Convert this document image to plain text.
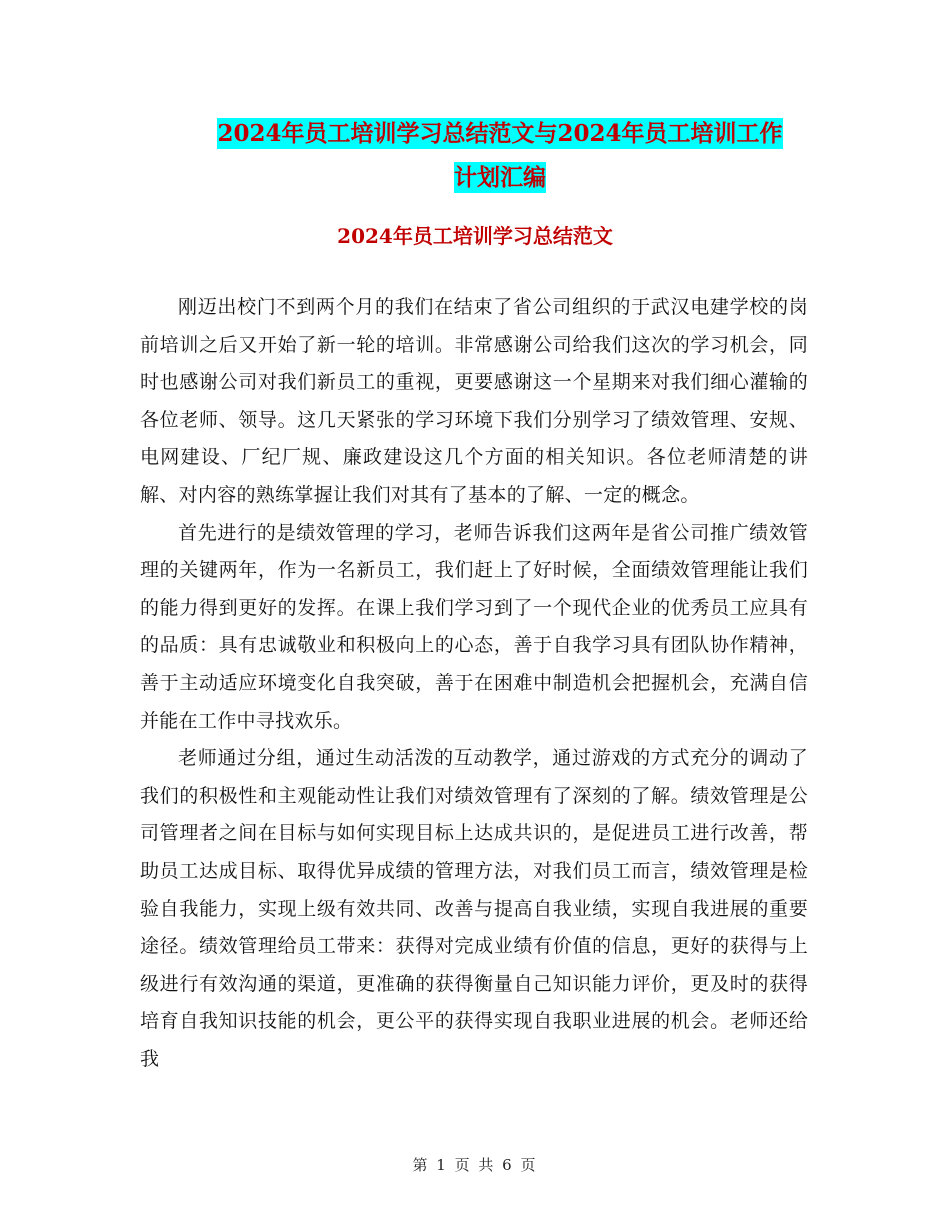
2024年员工培训学习总结范文与2024年员工培训工作
计划汇编
2024年员工培训学习总结范文

刚迈出校门不到两个月的我们在结束了省公司组织的于武汉电建学校的岗前培训之后又开始了新一轮的培训。非常感谢公司给我们这次的学习机会，同时也感谢公司对我们新员工的重视，更要感谢这一个星期来对我们细心灌输的各位老师、领导。这几天紧张的学习环境下我们分别学习了绩效管理、安规、电网建设、厂纪厂规、廉政建设这几个方面的相关知识。各位老师清楚的讲解、对内容的熟练掌握让我们对其有了基本的了解、一定的概念。

首先进行的是绩效管理的学习，老师告诉我们这两年是省公司推广绩效管理的关键两年，作为一名新员工，我们赶上了好时候，全面绩效管理能让我们的能力得到更好的发挥。在课上我们学习到了一个现代企业的优秀员工应具有的品质：具有忠诚敬业和积极向上的心态，善于自我学习具有团队协作精神，善于主动适应环境变化自我突破，善于在困难中制造机会把握机会，充满自信并能在工作中寻找欢乐。

老师通过分组，通过生动活泼的互动教学，通过游戏的方式充分的调动了我们的积极性和主观能动性让我们对绩效管理有了深刻的了解。绩效管理是公司管理者之间在目标与如何实现目标上达成共识的，是促进员工进行改善，帮助员工达成目标、取得优异成绩的管理方法，对我们员工而言，绩效管理是检验自我能力，实现上级有效共同、改善与提高自我业绩，实现自我进展的重要途径。绩效管理给员工带来：获得对完成业绩有价值的信息，更好的获得与上级进行有效沟通的渠道，更准确的获得衡量自己知识能力评价，更及时的获得培育自我知识技能的机会，更公平的获得实现自我职业进展的机会。老师还给我

第 1 页 共 6 页
